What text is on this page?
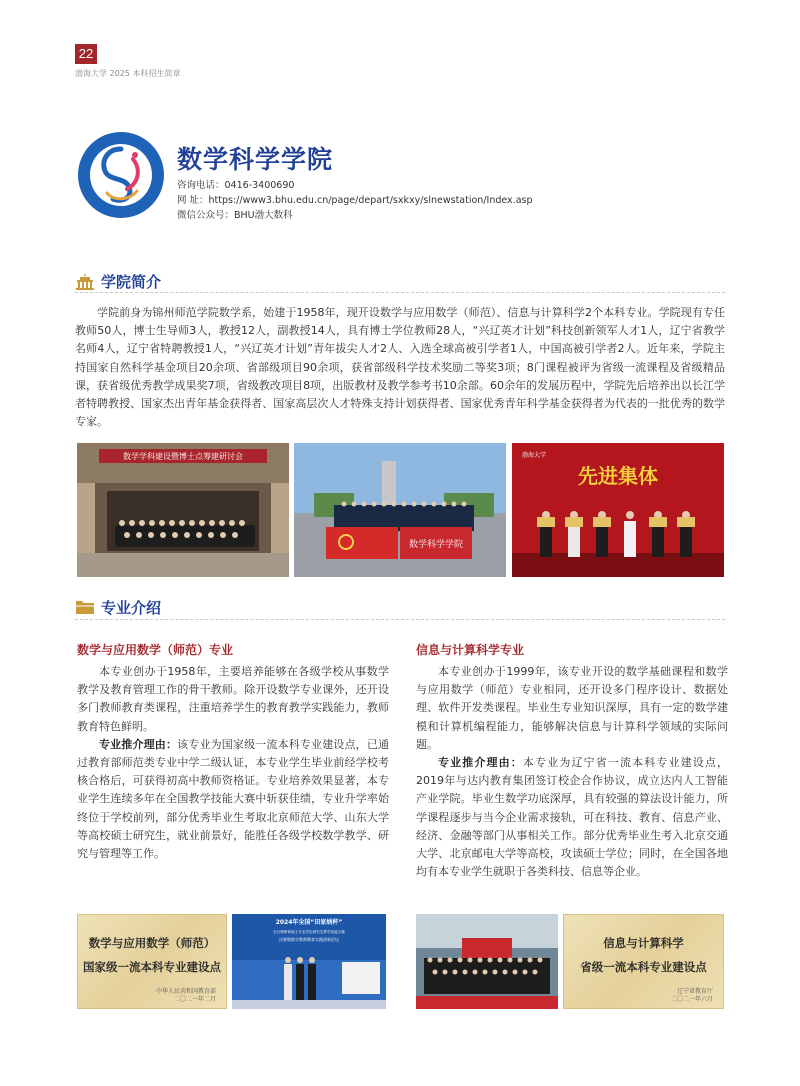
22
渤海大学 2025 本科招生简章
数学科学学院
咨询电话：0416-3400690
网 址：https://www3.bhu.edu.cn/page/depart/sxkxy/slnewstation/Index.asp
微信公众号：BHU渤大数科
学院简介

学院前身为锦州师范学院数学系，始建于1958年，现开设数学与应用数学（师范）、信息与计算科学2个本科专业。学院现有专任教师50人，博士生导师3人，教授12人，副教授14人，具有博士学位教师28人，“兴辽英才计划”科技创新领军人才1人，辽宁省教学名师4人，辽宁省特聘教授1人，“兴辽英才计划”青年拔尖人才2人、入选全球高被引学者1人，中国高被引学者2人。近年来，学院主持国家自然科学基金项目20余项、省部级项目90余项，获省部级科学技术奖励二等奖3项；8门课程被评为省级一流课程及省级精品课，获省级优秀教学成果奖7项，省级教改项目8项，出版教材及教学参考书10余部。60余年的发展历程中，学院先后培养出以长江学者特聘教授、国家杰出青年基金获得者、国家高层次人才特殊支持计划获得者、国家优秀青年科学基金获得者为代表的一批优秀的数学专家。

数学学科建设暨博士点筹建研讨会
数学科学学院
渤海大学
先进集体
专业介绍
数学与应用数学（师范）专业

本专业创办于1958年，主要培养能够在各级学校从事数学教学及教育管理工作的骨干教师。除开设数学专业课外，还开设多门教师教育类课程，注重培养学生的教育教学实践能力，教师教育特色鲜明。

专业推介理由：该专业为国家级一流本科专业建设点，已通过教育部师范类专业中学二级认证，本专业学生毕业前经学校考核合格后，可获得初高中教师资格证。专业培养效果显著，本专业学生连续多年在全国教学技能大赛中斩获佳绩，专业升学率始终位于学校前列，部分优秀毕业生考取北京师范大学、山东大学等高校硕士研究生，就业前景好，能胜任各级学校数学教学、研究与管理等工作。

信息与计算科学专业

本专业创办于1999年，该专业开设的数学基础课程和数学与应用数学（师范）专业相同，还开设多门程序设计、数据处理、软件开发类课程。毕业生专业知识深厚，具有一定的数学建模和计算机编程能力，能够解决信息与计算科学领域的实际问题。

专业推介理由：本专业为辽宁省一流本科专业建设点，2019年与达内教育集团签订校企合作协议，成立达内人工智能产业学院。毕业生数学功底深厚，具有较强的算法设计能力，所学课程逐步与当今企业需求接轨，可在科技、教育、信息产业、经济、金融等部门从事相关工作。部分优秀毕业生考入北京交通大学、北京邮电大学等高校，攻读硕士学位；同时，在全国各地均有本专业学生就职于各类科技、信息等企业。

数学与应用数学（师范）
国家级一流本科专业建设点
中华人民共和国教育部
二〇二一年二月
2024年全国“田家炳杯”
全日制教育硕士专业学位研究生教学技能大赛
决赛暨数学教师教育实践创新论坛	信息与计算科学
省级一流本科专业建设点
辽宁省教育厅
二〇二一年六月
